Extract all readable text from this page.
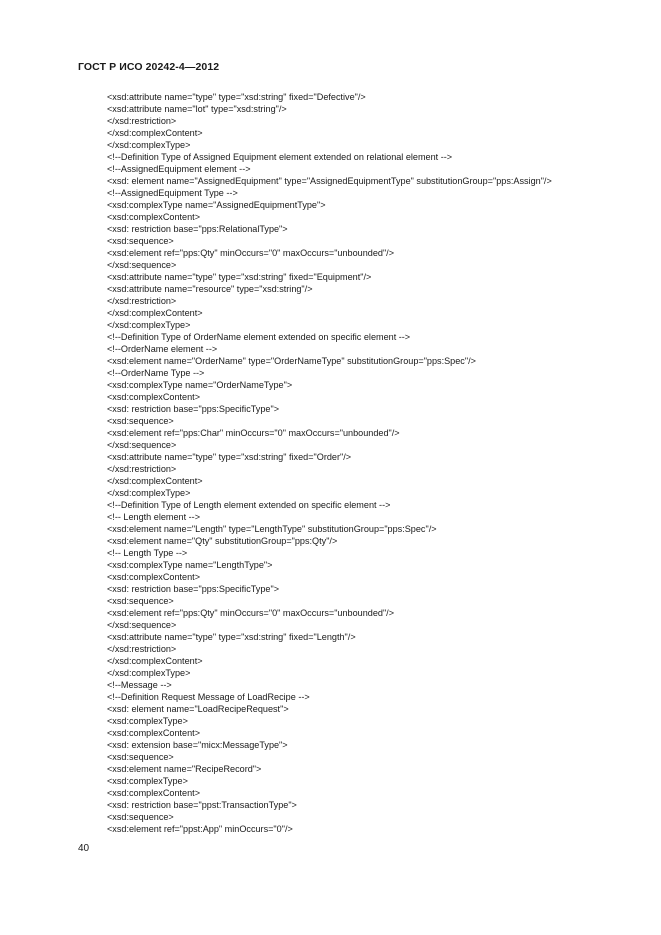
ГОСТ Р ИСО 20242-4—2012
<xsd:attribute name="type" type="xsd:string" fixed="Defective"/>
<xsd:attribute name="lot" type="xsd:string"/>
</xsd:restriction>
</xsd:complexContent>
</xsd:complexType>
<!--Definition Type of Assigned Equipment element extended on relational element -->
<!--AssignedEquipment element -->
<xsd: element name="AssignedEquipment" type="AssignedEquipmentType" substitutionGroup="pps:Assign"/>
<!--AssignedEquipment Type -->
<xsd:complexType name="AssignedEquipmentType">
<xsd:complexContent>
<xsd: restriction base="pps:RelationalType">
<xsd:sequence>
<xsd:element ref="pps:Qty" minOccurs="0" maxOccurs="unbounded"/>
</xsd:sequence>
<xsd:attribute name="type" type="xsd:string" fixed="Equipment"/>
<xsd:attribute name="resource" type="xsd:string"/>
</xsd:restriction>
</xsd:complexContent>
</xsd:complexType>
<!--Definition Type of OrderName element extended on specific element -->
<!--OrderName element -->
<xsd:element name="OrderName" type="OrderNameType" substitutionGroup="pps:Spec"/>
<!--OrderName Type -->
<xsd:complexType name="OrderNameType">
<xsd:complexContent>
<xsd: restriction base="pps:SpecificType">
<xsd:sequence>
<xsd:element ref="pps:Char" minOccurs="0" maxOccurs="unbounded"/>
</xsd:sequence>
<xsd:attribute name="type" type="xsd:string" fixed="Order"/>
</xsd:restriction>
</xsd:complexContent>
</xsd:complexType>
<!--Definition Type of Length element extended on specific element -->
<!-- Length element -->
<xsd:element name="Length" type="LengthType" substitutionGroup="pps:Spec"/>
<xsd:element name="Qty" substitutionGroup="pps:Qty"/>
<!-- Length Type -->
<xsd:complexType name="LengthType">
<xsd:complexContent>
<xsd: restriction base="pps:SpecificType">
<xsd:sequence>
<xsd:element ref="pps:Qty" minOccurs="0" maxOccurs="unbounded"/>
</xsd:sequence>
<xsd:attribute name="type" type="xsd:string" fixed="Length"/>
</xsd:restriction>
</xsd:complexContent>
</xsd:complexType>
<!--Message -->
<!--Definition Request Message of LoadRecipe -->
<xsd: element name="LoadRecipeRequest">
<xsd:complexType>
<xsd:complexContent>
<xsd: extension base="micx:MessageType">
<xsd:sequence>
<xsd:element name="RecipeRecord">
<xsd:complexType>
<xsd:complexContent>
<xsd: restriction base="ppst:TransactionType">
<xsd:sequence>
<xsd:element ref="ppst:App" minOccurs="0"/>
40
